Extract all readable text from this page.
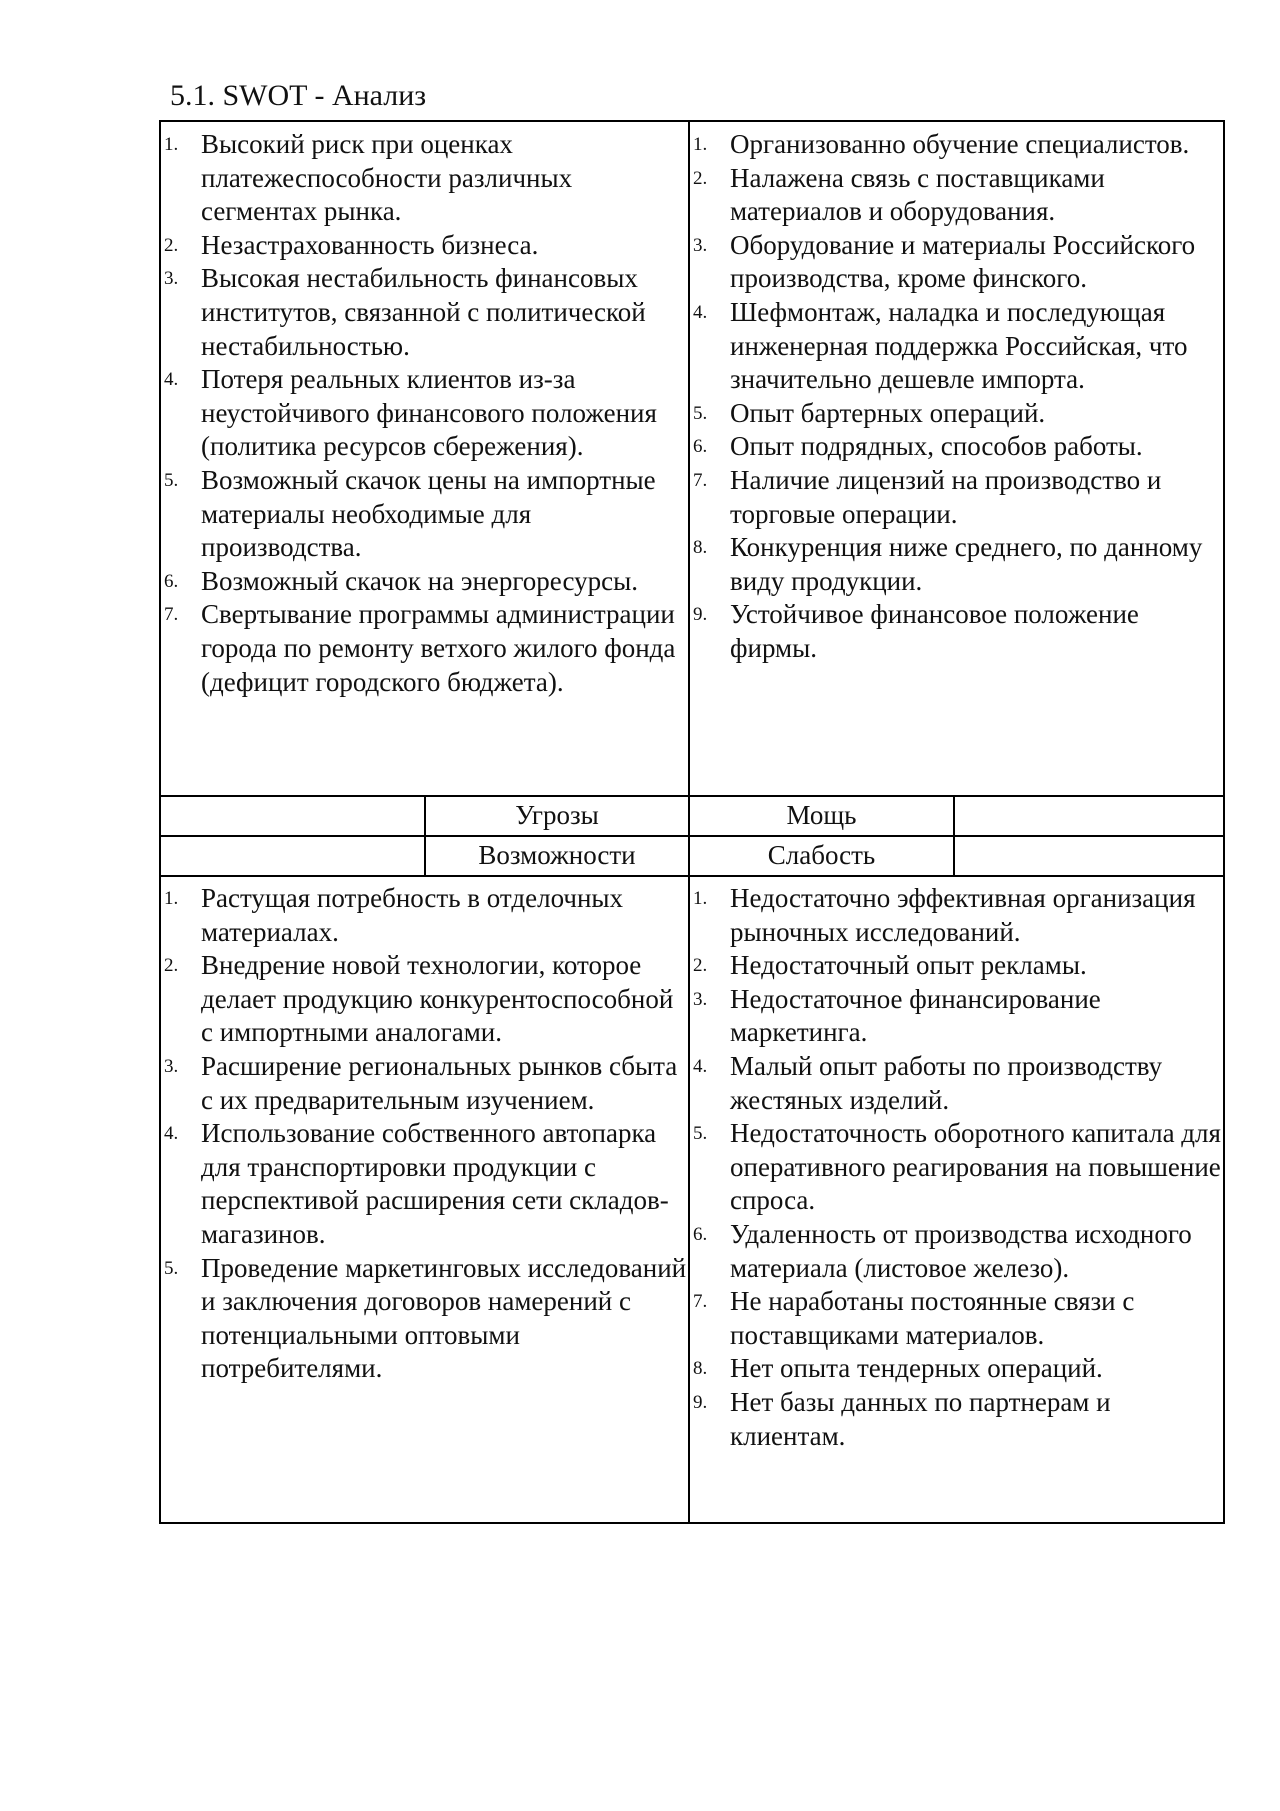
5.1. SWOT - Анализ
1. Высокий риск при оценках платежеспособности различных сегментах рынка.
2. Незастрахованность бизнеса.
3. Высокая нестабильность финансовых институтов, связанной с политической нестабильностью.
4. Потеря реальных клиентов из-за неустойчивого финансового положения (политика ресурсов сбережения).
5. Возможный скачок цены на импортные материалы необходимые для производства.
6. Возможный скачок на энергоресурсы.
7. Свертывание программы администрации города по ремонту ветхого жилого фонда (дефицит городского бюджета).
1. Организованно обучение специалистов.
2. Налажена связь с поставщиками материалов и оборудования.
3. Оборудование и материалы Российского производства, кроме финского.
4. Шефмонтаж, наладка и последующая инженерная поддержка Российская, что значительно дешевле импорта.
5. Опыт бартерных операций.
6. Опыт подрядных, способов работы.
7. Наличие лицензий на производство и торговые операции.
8. Конкуренция ниже среднего, по данному виду продукции.
9. Устойчивое финансовое положение фирмы.
Угрозы	Мощь
Возможности	Слабость
1. Растущая потребность в отделочных материалах.
2. Внедрение новой технологии, которое делает продукцию конкурентоспособной с импортными аналогами.
3. Расширение региональных рынков сбыта с их предварительным изучением.
4. Использование собственного автопарка для транспортировки продукции с перспективой расширения сети складов-магазинов.
5. Проведение маркетинговых исследований и заключения договоров намерений с потенциальными оптовыми потребителями.
1. Недостаточно эффективная организация рыночных исследований.
2. Недостаточный опыт рекламы.
3. Недостаточное финансирование маркетинга.
4. Малый опыт работы по производству жестяных изделий.
5. Недостаточность оборотного капитала для оперативного реагирования на повышение спроса.
6. Удаленность от производства исходного материала (листовое железо).
7. Не наработаны постоянные связи с поставщиками материалов.
8. Нет опыта тендерных операций.
9. Нет базы данных по партнерам и клиентам.
